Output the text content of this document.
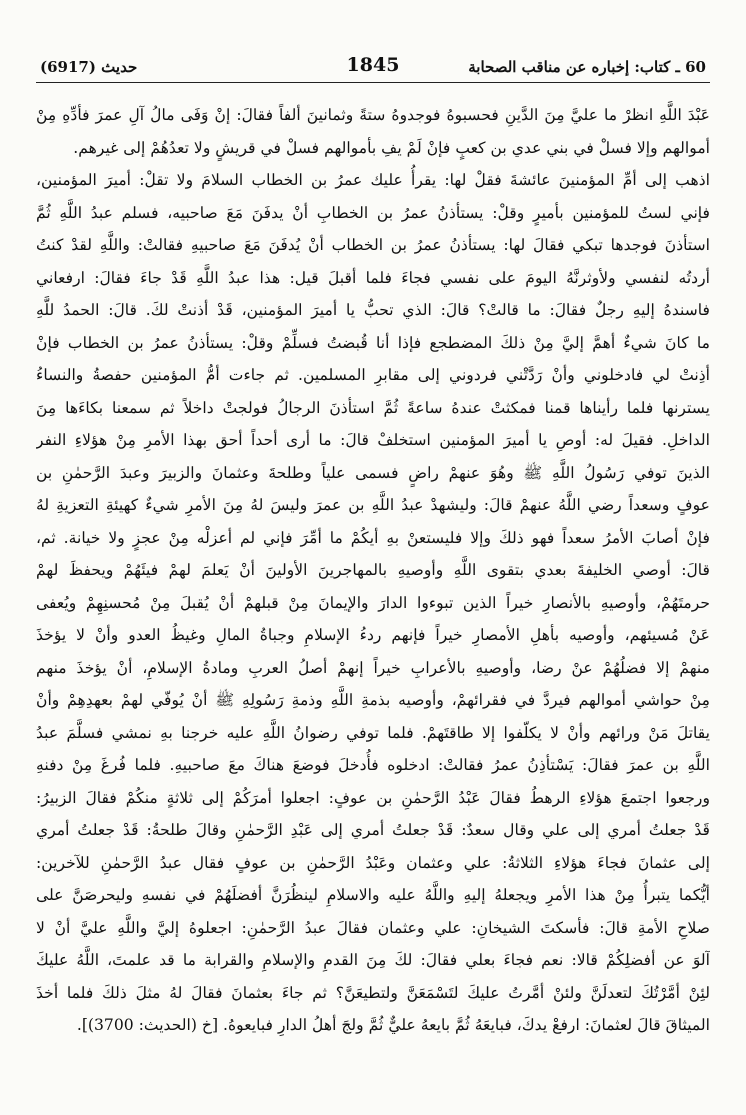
60 ـ كتاب: إخباره عن مناقب الصحابة
1845
حديث (6917)
عَبْدَ اللَّهِ انظرْ ما عليَّ مِنَ الدَّينِ فحسبوهُ فوجدوهُ ستةً وثمانينَ ألفاً فقالَ: إنْ وَفَى مالُ آلِ عمرَ فأدِّهِ مِنْ
أموالهم وإلا فسلْ في بني عدي بن كعبٍ فإنْ لَمْ يفِ بأموالهم فسلْ في قريشٍ ولا تعدُهُمْ إلى غيرهم.
اذهب إلى أمِّ المؤمنينَ عائشةَ فقلْ لها: يقرأُ عليك عمرُ بن الخطاب السلامَ ولا تقلْ: أميرَ المؤمنين،
فإني لستُ للمؤمنين بأميرٍ وقلْ: يستأذنُ عمرُ بن الخطابِ أنْ يدفَنَ مَعَ صاحبيه، فسلم عبدُ اللَّهِ ثُمَّ
استأذنَ فوجدها تبكي فقالَ لها: يستأذنُ عمرُ بن الخطاب أنْ يُدفَنَ مَعَ صاحبيهِ فقالتْ: واللَّهِ لقدْ كنتُ
أردتُه لنفسي ولأوثرنَّهُ اليومَ على نفسي فجاءَ فلما أقبلَ قيل: هذا عبدُ اللَّهِ قَدْ جاءَ فقالَ: ارفعاني
فاسندهُ إليهِ رجلٌ فقالَ: ما قالتْ؟ قالَ: الذي تحبُّ يا أميرَ المؤمنين، قَدْ أذنتْ لكَ. قالَ: الحمدُ للَّهِ
ما كانَ شيءٌ أهمَّ إليَّ مِنْ ذلكَ المضطجع فإذا أنا قُبضتُ فسلِّمْ وقلْ: يستأذنُ عمرُ بن الخطاب فإنْ
أذِنتْ لي فادخلوني وأنْ رَدَّتْني فردوني إلى مقابرِ المسلمين. ثم جاءت أمُّ المؤمنين حفصةُ والنساءُ
يسترنها فلما رأيناها قمنا فمكثتْ عندهُ ساعةً ثُمَّ استأذنَ الرجالُ فولجتْ داخلاً ثم سمعنا بكاءَها مِنَ
الداخلِ. فقيلَ له: أوصِ يا أميرَ المؤمنين استخلفْ قالَ: ما أرى أحداً أحق بهذا الأمرِ مِنْ هؤلاءِ النفر
الذينَ توفي رَسُولُ اللَّهِ ﷺ وهُوَ عنهمْ راضٍ فسمى علياً وطلحةَ وعثمانَ والزبيرَ وعبدَ الرَّحمٰنِ بن
عوفٍ وسعداً رضي اللَّهُ عنهمْ قالَ: وليشهدْ عبدُ اللَّهِ بن عمرَ وليسَ لهُ مِنَ الأمرِ شيءٌ كهيئةِ التعزيةِ لهُ
فإنْ أصابَ الأمرُ سعداً فهو ذلكَ وإلا فليستعنْ بهِ أيكُمْ ما أمِّرَ فإني لم أعزلْه مِنْ عجزٍ ولا خيانة. ثم،
قالَ: أوصي الخليفةَ بعدي بتقوى اللَّهِ وأوصيهِ بالمهاجرينَ الأولينَ أنْ يَعلمَ لهمْ فيئَهُمْ ويحفظَ لهمْ
حرمتَهُمْ، وأوصيهِ بالأنصارِ خيراً الذين تبوءوا الدارَ والإيمانَ مِنْ قبلهمْ أنْ يُقبلَ مِنْ مُحسنِهِمْ ويُعفى
عَنْ مُسيئهم، وأوصيه بأهلِ الأمصارِ خيراً فإنهم ردءُ الإسلامِ وجباةُ المالِ وغيظُ العدو وأنْ لا يؤخذَ
منهمْ إلا فضلُهُمْ عنْ رضا، وأوصيهِ بالأعرابِ خيراً إنهمْ أصلُ العربِ ومادةُ الإسلامِ، أنْ يؤخذَ منهم
مِنْ حواشي أموالهم فيردَّ في فقرائهمْ، وأوصيه بذمةِ اللَّهِ وذمةِ رَسُولِهِ ﷺ أنْ يُوفّي لهمْ بعهدِهِمْ وأنْ
يقاتلَ مَنْ ورائهم وأنْ لا يكلّفوا إلا طاقتَهمْ. فلما توفي رضوانُ اللَّهِ عليه خرجنا بهِ نمشي فسلَّمَ عبدُ
اللَّهِ بن عمرَ فقالَ: يَسْتأذِنُ عمرُ فقالتْ: ادخلوه فأُدخلَ فوضعَ هناكَ معَ صاحبيهِ. فلما فُرغَ مِنْ دفنهِ
ورجعوا اجتمعَ هؤلاءِ الرهطُ فقالَ عَبْدُ الرَّحمٰنِ بن عوفٍ: اجعلوا أمرَكُمْ إلى ثلاثةٍ منكُمْ فقالَ الزبيرُ:
قَدْ جعلتُ أمري إلى علي وقال سعدٌ: قَدْ جعلتُ أمري إلى عَبْدِ الرَّحمٰنِ وقالَ طلحةُ: قَدْ جعلتُ أمري
إلى عثمانَ فجاءَ هؤلاءِ الثلاثةُ: علي وعثمان وعَبْدُ الرَّحمٰنِ بن عوفٍ فقال عبدُ الرَّحمٰنِ للآخرين:
أيُّكما يتبرأُ مِنْ هذا الأمرِ ويجعلهُ إليهِ واللَّهُ عليه والاسلامِ لينظُرَنَّ أفضلَهُمْ في نفسهِ وليحرصَنَّ على
صلاحِ الأمةِ قالَ: فأسكتَ الشيخانِ: علي وعثمان فقالَ عبدُ الرَّحمٰنِ: اجعلوهُ إليَّ واللَّهِ عليَّ أنْ لا
آلوَ عن أفضلِكُمْ قالا: نعم فجاءَ بعلي فقالَ: لكَ مِنَ القدمِ والإسلامِ والقرابة ما قد علمتَ، اللَّهُ عليكَ
لئِنْ أمَّرْتُكَ لتعدلَنَّ ولئنْ أمَّرتُ عليكَ لتَسْمَعَنَّ ولتطيعَنَّ؟ ثم جاءَ بعثمانَ فقالَ لهُ مثلَ ذلكَ فلما أخذَ
الميثاقَ قالَ لعثمانَ: ارفعْ يدكَ، فبايعَهُ ثُمَّ بايعهُ عليٌّ ثُمَّ ولجَ أهلُ الدارِ فبايعوهُ. [خ (الحديث: 3700)].
